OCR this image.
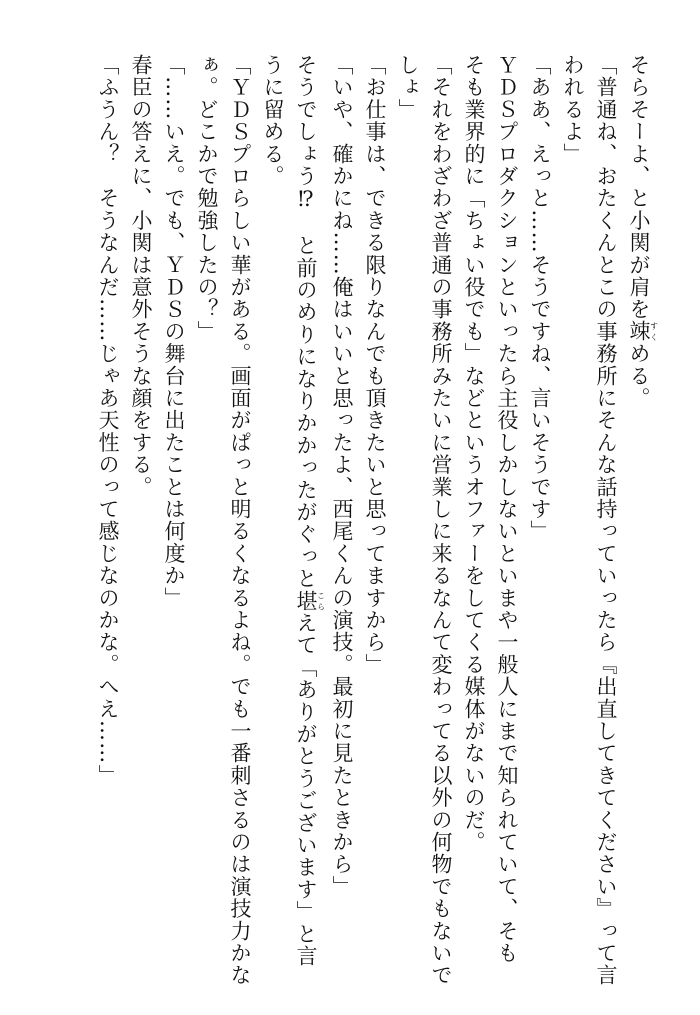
そらそーよ、と小関が肩を竦すくめる。
「普通ね、おたくんとこの事務所にそんな話持っていったら『出直してきてください』って言
われるよ」
「ああ、えっと……そうですね、言いそうです」
ＹＤＳプロダクションといったら主役しかしないといまや一般人にまで知られていて、そも
そも業界的に「ちょい役でも」などというオファーをしてくる媒体がないのだ。
「それをわざわざ普通の事務所みたいに営業しに来るなんて変わってる以外の何物でもないで
しょ」
「お仕事は、できる限りなんでも頂きたいと思ってますから」
「いや、確かにね……俺はいいと思ったよ、西尾くんの演技。最初に見たときから」
そうでしょう⁉　と前のめりになりかかったがぐっと堪こらえて「ありがとうございます」と言
うに留める。
「ＹＤＳプロらしい華がある。画面がぱっと明るくなるよね。でも一番刺さるのは演技力かな
ぁ。どこかで勉強したの？」
「……いえ。でも、ＹＤＳの舞台に出たことは何度か」
春臣の答えに、小関は意外そうな顔をする。
「ふうん？　そうなんだ……じゃあ天性のって感じなのかな。へえ……」
